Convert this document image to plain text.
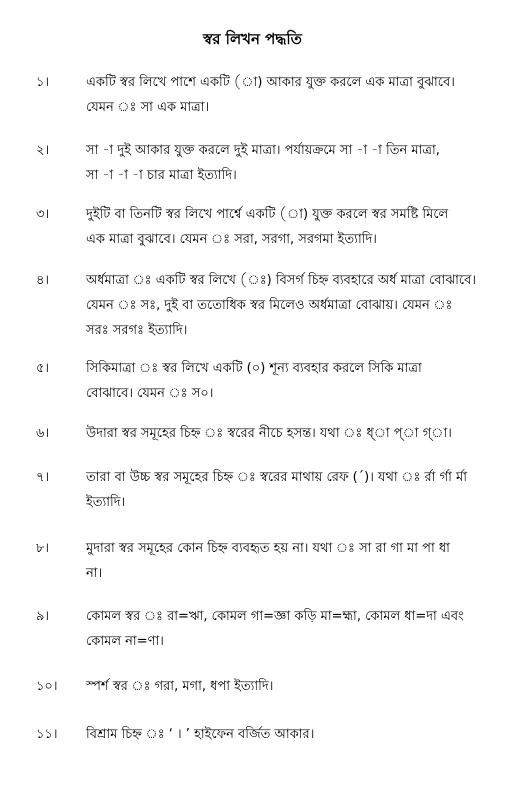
স্বর লিখন পদ্ধতি
১।	একটি স্বর লিখে পাশে একটি (া) আকার যুক্ত করলে এক মাত্রা বুঝাবে।
যেমন ঃ সা এক মাত্রা।
২।	সা -া দুই আকার যুক্ত করলে দুই মাত্রা। পর্যায়ক্রমে সা -া -া তিন মাত্রা,
সা -া -া -া চার মাত্রা ইত্যাদি।
৩।	দুইটি বা তিনটি স্বর লিখে পার্শ্বে একটি (া) যুক্ত করলে স্বর সমষ্টি মিলে
এক মাত্রা বুঝাবে। যেমন ঃ সরা, সরগা, সরগমা ইত্যাদি।
৪।	অর্ধমাত্রা ঃ একটি স্বর লিখে (ঃ) বিসর্গ চিহ্ন ব্যবহারে অর্ধ মাত্রা বোঝাবে।
যেমন ঃ সঃ, দুই বা ততোধিক স্বর মিলেও অর্ধমাত্রা বোঝায়। যেমন ঃ
সরঃ সরগঃ ইত্যাদি।
৫।	সিকিমাত্রা ঃ স্বর লিখে একটি (০) শূন্য ব্যবহার করলে সিকি মাত্রা
বোঝাবে। যেমন ঃ স০।
৬।	উদারা স্বর সমূহের চিহ্ন ঃ স্বরের নীচে হসন্ত। যথা ঃ ধ্া প্া গ্া।
৭।	তারা বা উচ্চ স্বর সমূহের চিহ্ন ঃ স্বরের মাথায় রেফ (ˊ)। যথা ঃ র্রা র্গা র্মা
ইত্যাদি।
৮।	মুদারা স্বর সমূহের কোন চিহ্ন ব্যবহৃত হয় না। যথা ঃ সা রা গা মা পা ধা
না।
৯।	কোমল স্বর ঃ রা=ঋা, কোমল গা=জ্ঞা কড়ি মা=হ্মা, কোমল ধা=দা এবং
কোমল না=ণা।
১০। স্পর্শ স্বর ঃ গরা, মগা, ধপা ইত্যাদি।
১১। বিশ্রাম চিহ্ন ঃ ‘ । ’ হাইফেন বর্জিত আকার।
